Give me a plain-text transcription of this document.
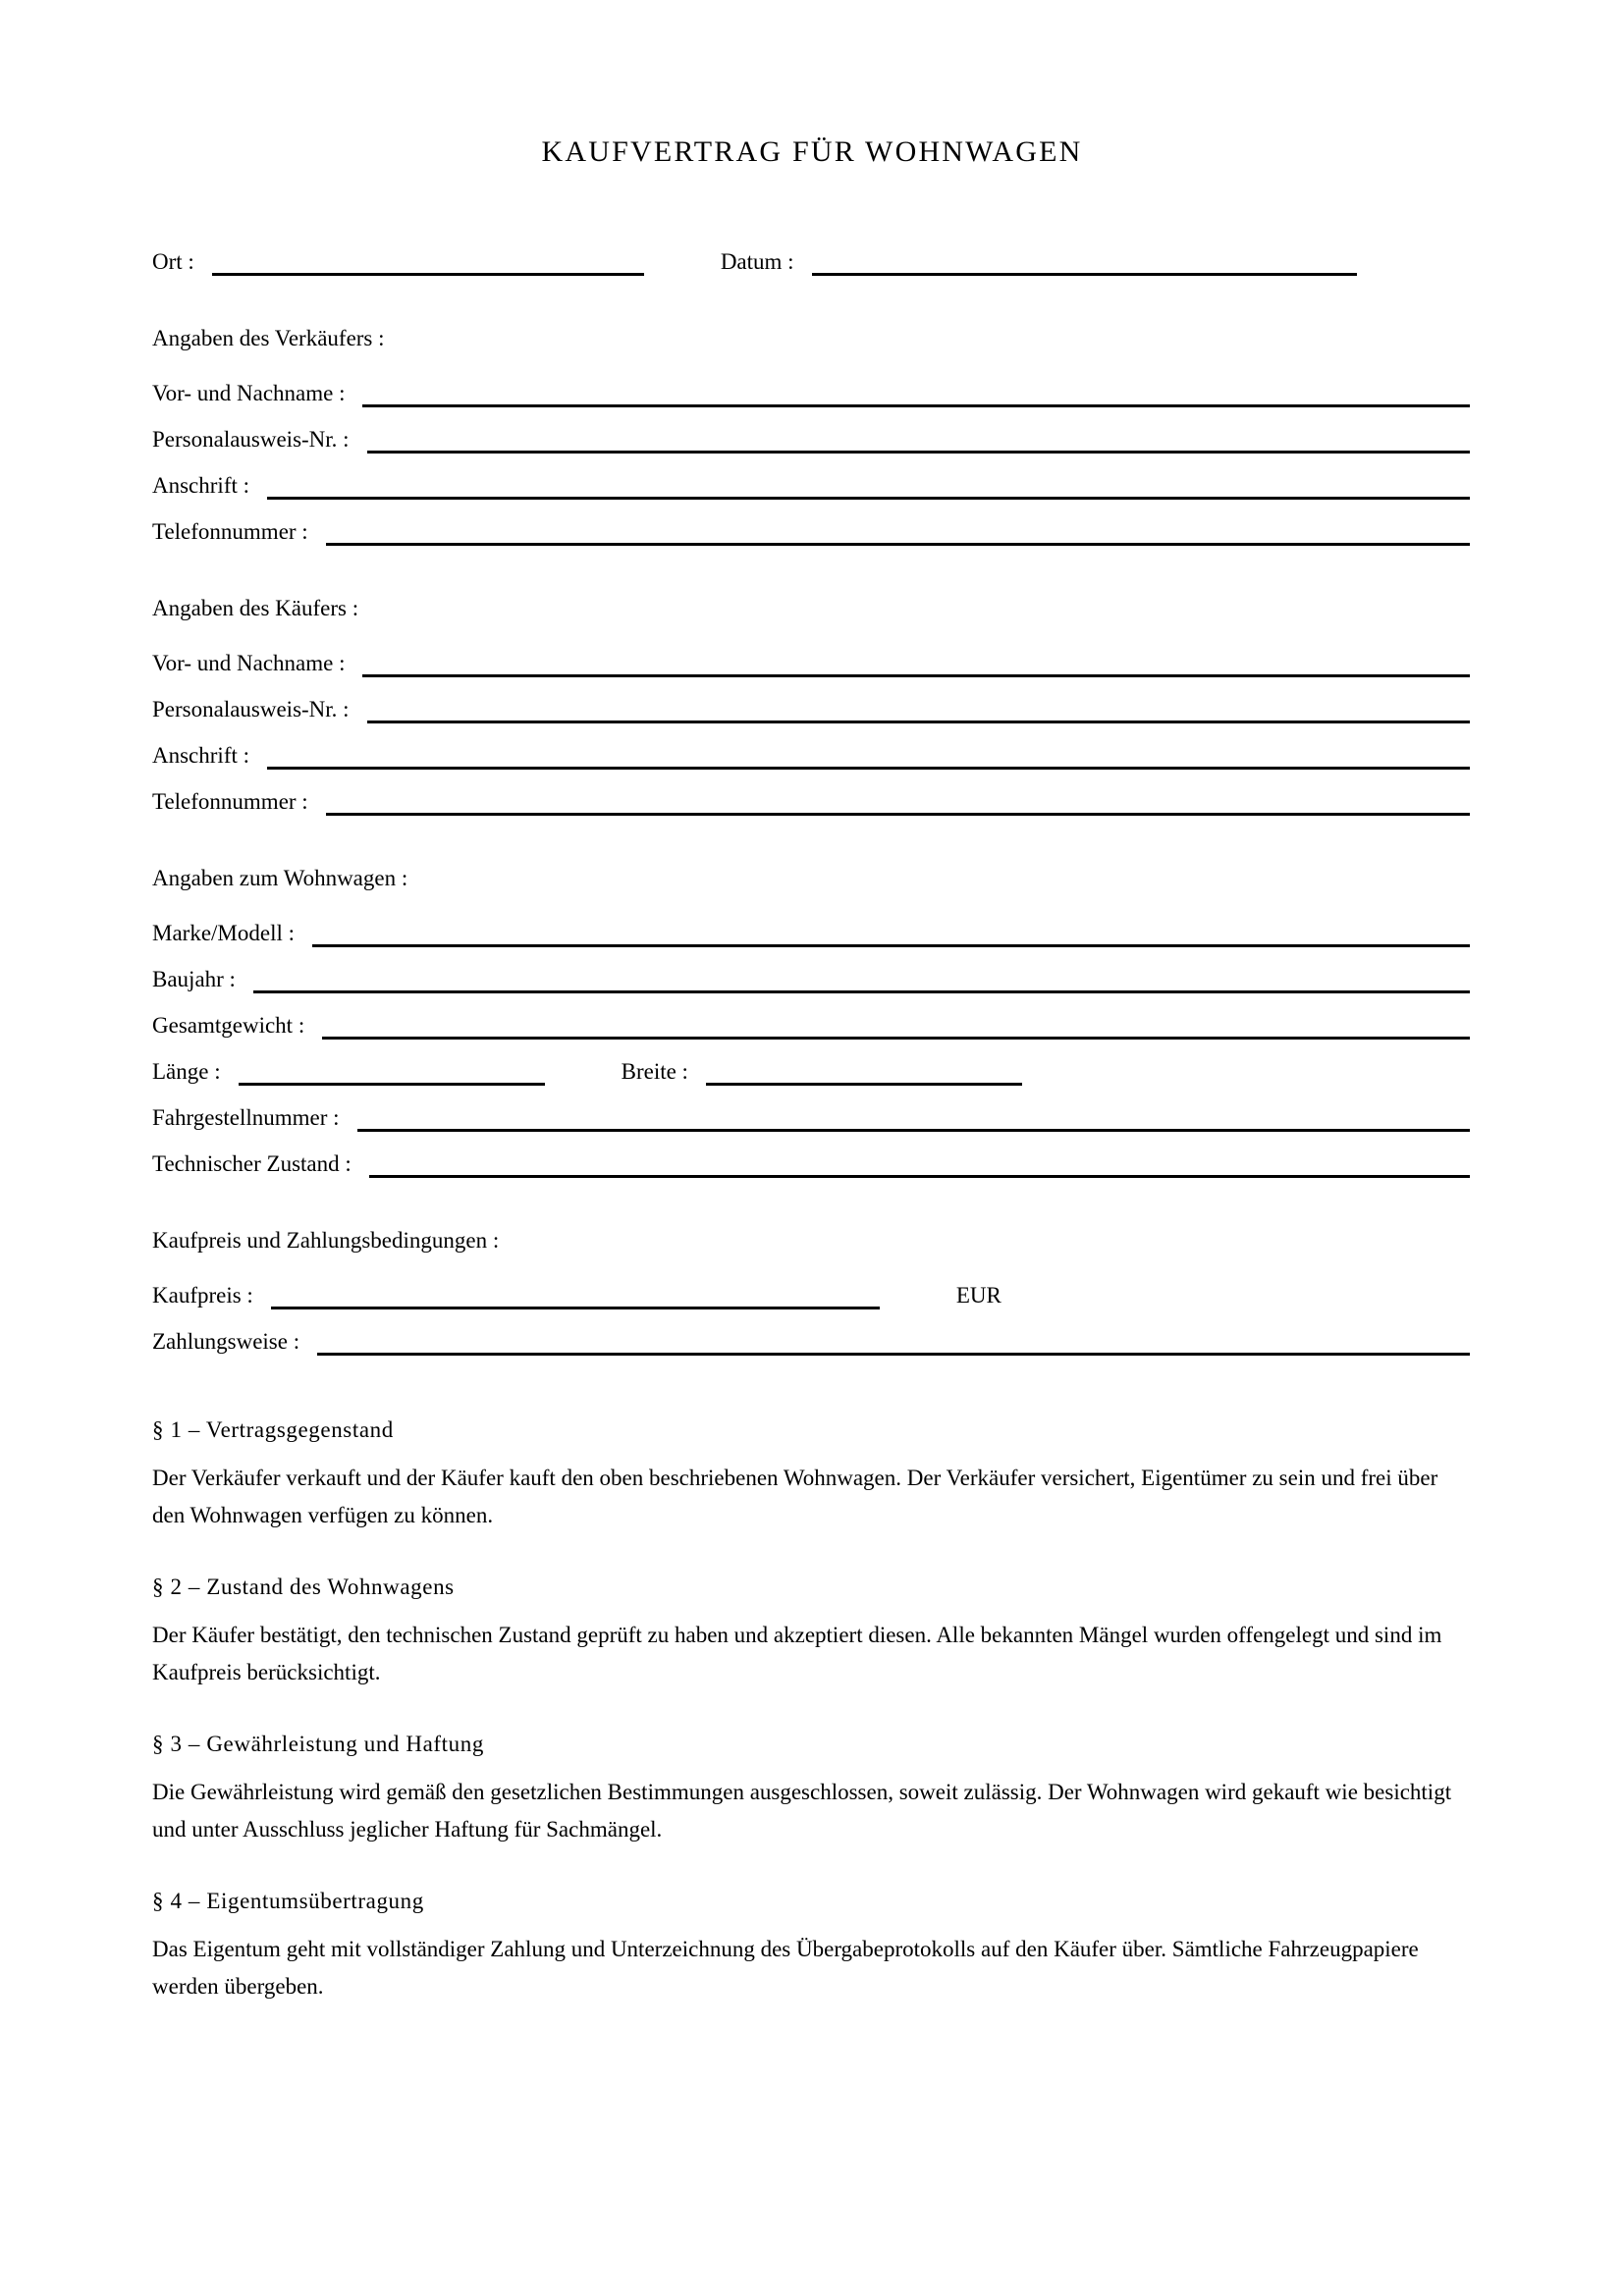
KAUFVERTRAG FÜR WOHNWAGEN
Ort :	Datum :
Angaben des Verkäufers :
Vor- und Nachname :
Personalausweis-Nr. :
Anschrift :
Telefonnummer :
Angaben des Käufers :
Vor- und Nachname :
Personalausweis-Nr. :
Anschrift :
Telefonnummer :
Angaben zum Wohnwagen :
Marke/Modell :
Baujahr :
Gesamtgewicht :
Länge :	Breite :
Fahrgestellnummer :
Technischer Zustand :
Kaufpreis und Zahlungsbedingungen :
Kaufpreis :	EUR
Zahlungsweise :
§ 1 – Vertragsgegenstand

Der Verkäufer verkauft und der Käufer kauft den oben beschriebenen Wohnwagen. Der Verkäufer versichert, Eigentümer zu sein und frei über den Wohnwagen verfügen zu können.

§ 2 – Zustand des Wohnwagens

Der Käufer bestätigt, den technischen Zustand geprüft zu haben und akzeptiert diesen. Alle bekannten Mängel wurden offengelegt und sind im Kaufpreis berücksichtigt.

§ 3 – Gewährleistung und Haftung

Die Gewährleistung wird gemäß den gesetzlichen Bestimmungen ausgeschlossen, soweit zulässig. Der Wohnwagen wird gekauft wie besichtigt und unter Ausschluss jeglicher Haftung für Sachmängel.

§ 4 – Eigentumsübertragung

Das Eigentum geht mit vollständiger Zahlung und Unterzeichnung des Übergabeprotokolls auf den Käufer über. Sämtliche Fahrzeugpapiere werden übergeben.
